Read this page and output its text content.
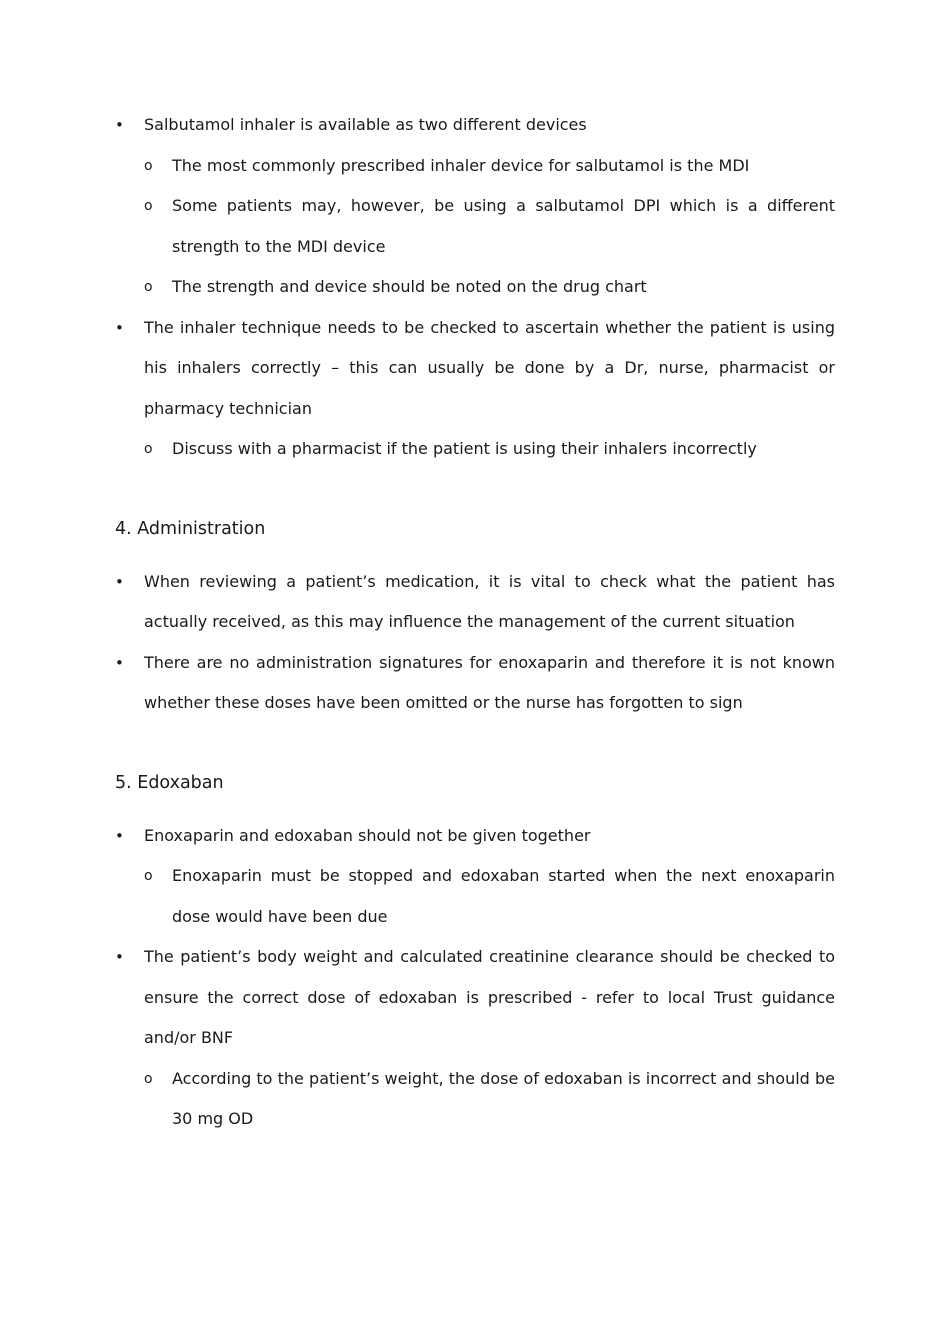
• Salbutamol inhaler is available as two different devices
o The most commonly prescribed inhaler device for salbutamol is the MDI
o Some patients may, however, be using a salbutamol DPI which is a different strength to the MDI device
o The strength and device should be noted on the drug chart
• The inhaler technique needs to be checked to ascertain whether the patient is using his inhalers correctly – this can usually be done by a Dr, nurse, pharmacist or pharmacy technician
o Discuss with a pharmacist if the patient is using their inhalers incorrectly
4. Administration
• When reviewing a patient’s medication, it is vital to check what the patient has actually received, as this may influence the management of the current situation
• There are no administration signatures for enoxaparin and therefore it is not known whether these doses have been omitted or the nurse has forgotten to sign
5. Edoxaban
• Enoxaparin and edoxaban should not be given together
o Enoxaparin must be stopped and edoxaban started when the next enoxaparin dose would have been due
• The patient’s body weight and calculated creatinine clearance should be checked to ensure the correct dose of edoxaban is prescribed - refer to local Trust guidance and/or BNF
o According to the patient’s weight, the dose of edoxaban is incorrect and should be 30 mg OD
